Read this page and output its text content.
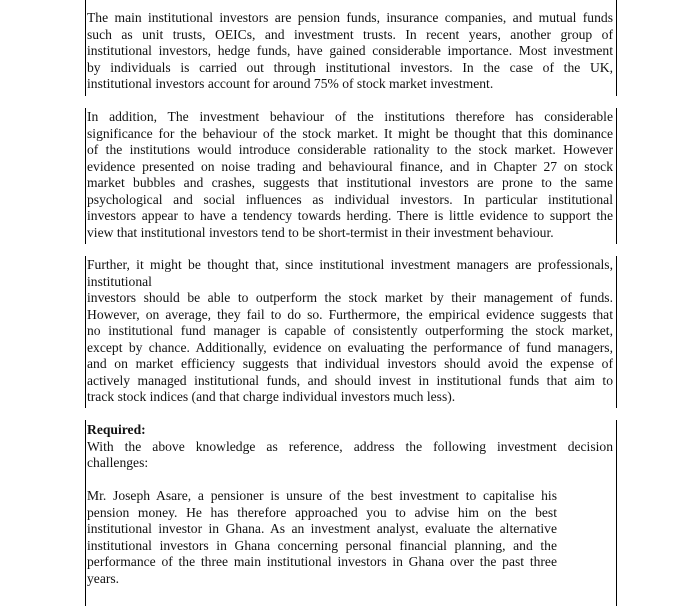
The main institutional investors are pension funds, insurance companies, and mutual funds
such as unit trusts, OEICs, and investment trusts. In recent years, another group of
institutional investors, hedge funds, have gained considerable importance. Most investment
by individuals is carried out through institutional investors. In the case of the UK,
institutional investors account for around 75% of stock market investment.
In addition, The investment behaviour of the institutions therefore has considerable
significance for the behaviour of the stock market. It might be thought that this dominance
of the institutions would introduce considerable rationality to the stock market. However
evidence presented on noise trading and behavioural finance, and in Chapter 27 on stock
market bubbles and crashes, suggests that institutional investors are prone to the same
psychological and social influences as individual investors. In particular institutional
investors appear to have a tendency towards herding. There is little evidence to support the
view that institutional investors tend to be short-termist in their investment behaviour.
Further, it might be thought that, since institutional investment managers are professionals,
institutional
investors should be able to outperform the stock market by their management of funds.
However, on average, they fail to do so. Furthermore, the empirical evidence suggests that
no institutional fund manager is capable of consistently outperforming the stock market,
except by chance. Additionally, evidence on evaluating the performance of fund managers,
and on market efficiency suggests that individual investors should avoid the expense of
actively managed institutional funds, and should invest in institutional funds that aim to
track stock indices (and that charge individual investors much less).
Required:
With the above knowledge as reference, address the following investment decision
challenges:
Mr. Joseph Asare, a pensioner is unsure of the best investment to capitalise his
pension money. He has therefore approached you to advise him on the best
institutional investor in Ghana. As an investment analyst, evaluate the alternative
institutional investors in Ghana concerning personal financial planning, and the
performance of the three main institutional investors in Ghana over the past three
years.
